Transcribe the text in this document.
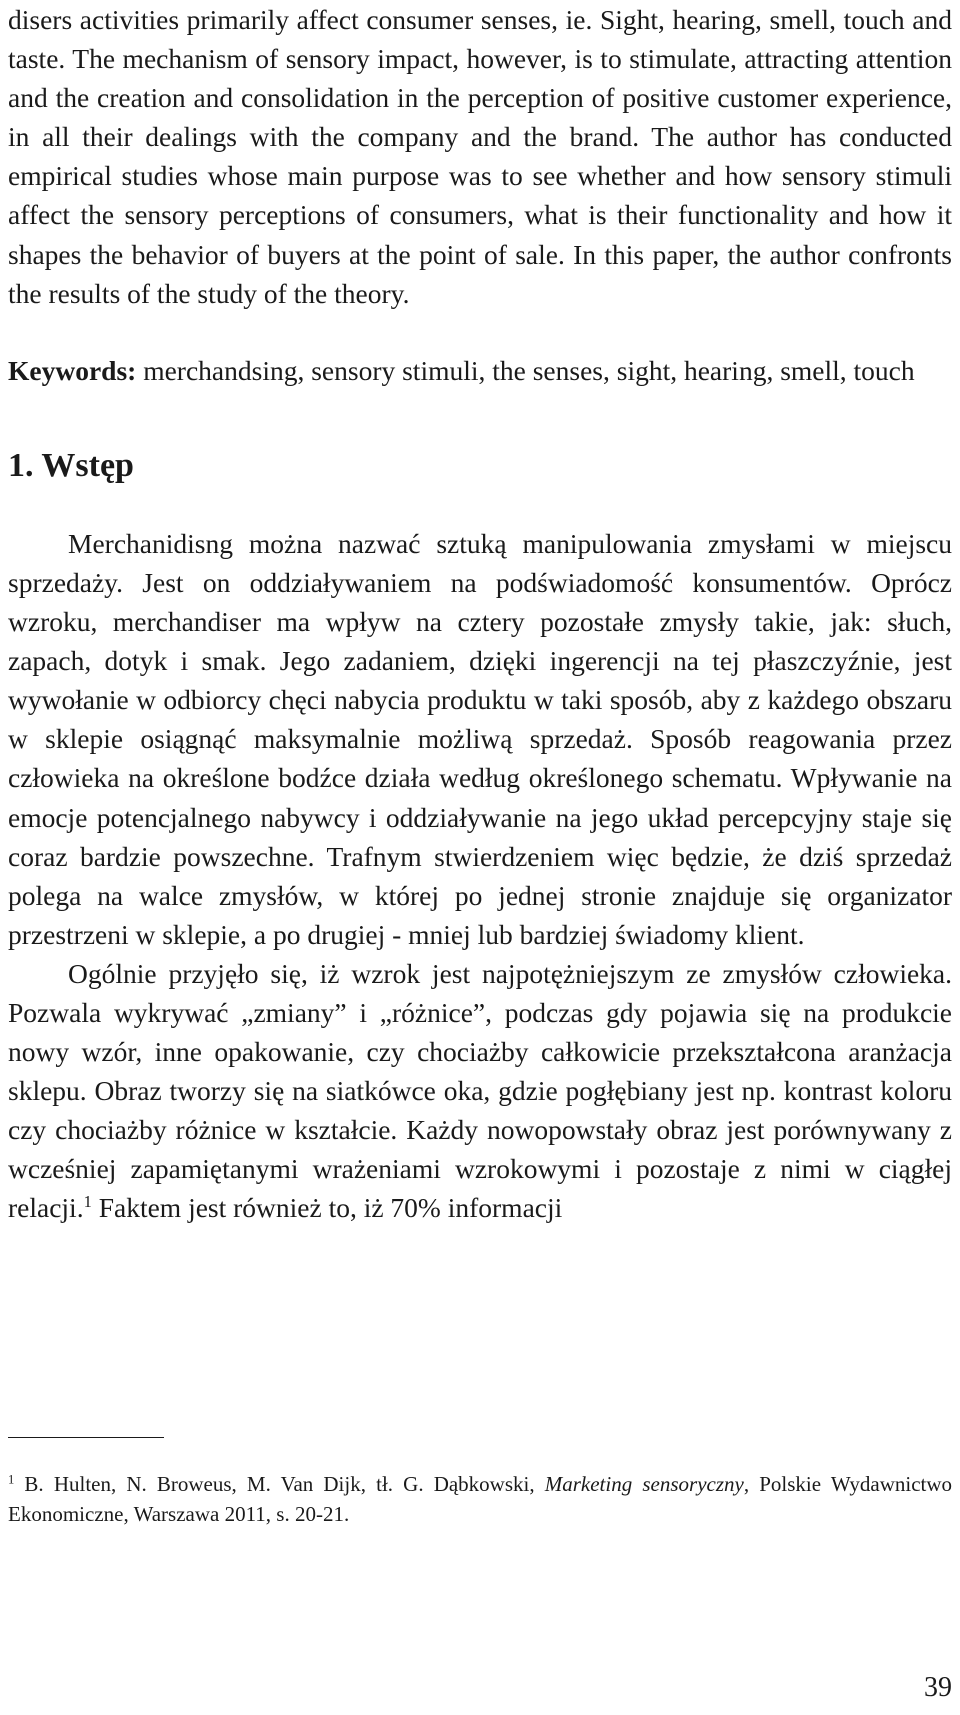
disers activities primarily affect consumer senses, ie. Sight, hearing, smell, touch and taste. The mechanism of sensory impact, however, is to stimulate, attracting attention and the creation and consolidation in the perception of positive customer experience, in all their dealings with the company and the brand. The author has conducted empirical studies whose main purpose was to see whether and how sensory stimuli affect the sensory perceptions of consumers, what is their functionality and how it shapes the behavior of buyers at the point of sale. In this paper, the author confronts the results of the study of the theory.

Keywords: merchandsing, sensory stimuli, the senses, sight, hearing, smell, touch

1. Wstęp

Merchanidisng można nazwać sztuką manipulowania zmysłami w miejscu sprzedaży. Jest on oddziaływaniem na podświadomość konsumentów. Oprócz wzroku, merchandiser ma wpływ na cztery pozostałe zmysły takie, jak: słuch, zapach, dotyk i smak. Jego zadaniem, dzięki ingerencji na tej płaszczyźnie, jest wywołanie w odbiorcy chęci nabycia produktu w taki sposób, aby z każdego obszaru w sklepie osiągnąć maksymalnie możliwą sprzedaż. Sposób reagowania przez człowieka na określone bodźce działa według określonego schematu. Wpływanie na emocje potencjalnego nabywcy i oddziaływanie na jego układ percepcyjny staje się coraz bardzie powszechne. Trafnym stwierdzeniem więc będzie, że dziś sprzedaż polega na walce zmysłów, w której po jednej stronie znajduje się organizator przestrzeni w sklepie, a po drugiej - mniej lub bardziej świadomy klient.

Ogólnie przyjęło się, iż wzrok jest najpotężniejszym ze zmysłów człowieka. Pozwala wykrywać „zmiany” i „różnice”, podczas gdy pojawia się na produkcie nowy wzór, inne opakowanie, czy chociażby całkowicie przekształcona aranżacja sklepu. Obraz tworzy się na siatkówce oka, gdzie pogłębiany jest np. kontrast koloru czy chociażby różnice w kształcie. Każdy nowopowstały obraz jest porównywany z wcześniej zapamiętanymi wrażeniami wzrokowymi i pozostaje z nimi w ciągłej relacji.$^1$ Faktem jest również to, iż 70% informacji

$^1$ B. Hulten, N. Broweus, M. Van Dijk, tł. G. Dąbkowski, Marketing sensoryczny, Polskie Wydawnictwo Ekonomiczne, Warszawa 2011, s. 20-21.

39
